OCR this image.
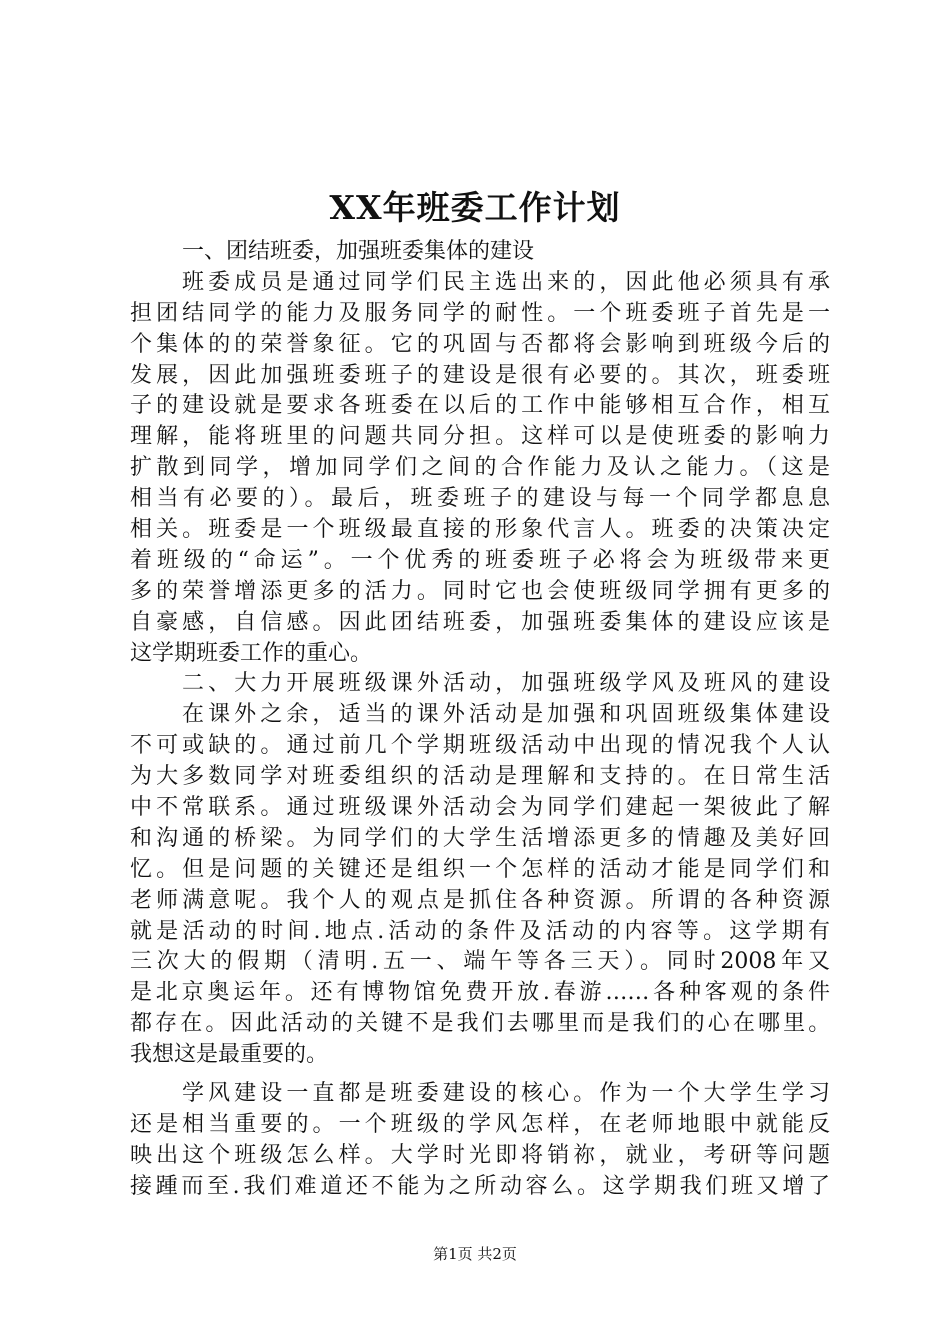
XX年班委工作计划
一、团结班委，加强班委集体的建设
班委成员是通过同学们民主选出来的，因此他必须具有承
担团结同学的能力及服务同学的耐性。一个班委班子首先是一
个集体的的荣誉象征。它的巩固与否都将会影响到班级今后的
发展，因此加强班委班子的建设是很有必要的。其次，班委班
子的建设就是要求各班委在以后的工作中能够相互合作，相互
理解，能将班里的问题共同分担。这样可以是使班委的影响力
扩散到同学，增加同学们之间的合作能力及认之能力。（这是
相当有必要的）。最后，班委班子的建设与每一个同学都息息
相关。班委是一个班级最直接的形象代言人。班委的决策决定
着班级的“命运”。一个优秀的班委班子必将会为班级带来更
多的荣誉增添更多的活力。同时它也会使班级同学拥有更多的
自豪感，自信感。因此团结班委，加强班委集体的建设应该是
这学期班委工作的重心。
二、大力开展班级课外活动，加强班级学风及班风的建设
在课外之余，适当的课外活动是加强和巩固班级集体建设
不可或缺的。通过前几个学期班级活动中出现的情况我个人认
为大多数同学对班委组织的活动是理解和支持的。在日常生活
中不常联系。通过班级课外活动会为同学们建起一架彼此了解
和沟通的桥梁。为同学们的大学生活增添更多的情趣及美好回
忆。但是问题的关键还是组织一个怎样的活动才能是同学们和
老师满意呢。我个人的观点是抓住各种资源。所谓的各种资源
就是活动的时间.地点.活动的条件及活动的内容等。这学期有
三次大的假期（清明.五一、端午等各三天）。同时2008年又
是北京奥运年。还有博物馆免费开放.春游……各种客观的条件
都存在。因此活动的关键不是我们去哪里而是我们的心在哪里。
我想这是最重要的。
学风建设一直都是班委建设的核心。作为一个大学生学习
还是相当重要的。一个班级的学风怎样，在老师地眼中就能反
映出这个班级怎么样。大学时光即将销祢，就业，考研等问题
接踵而至.我们难道还不能为之所动容么。这学期我们班又增了
第1页 共2页
